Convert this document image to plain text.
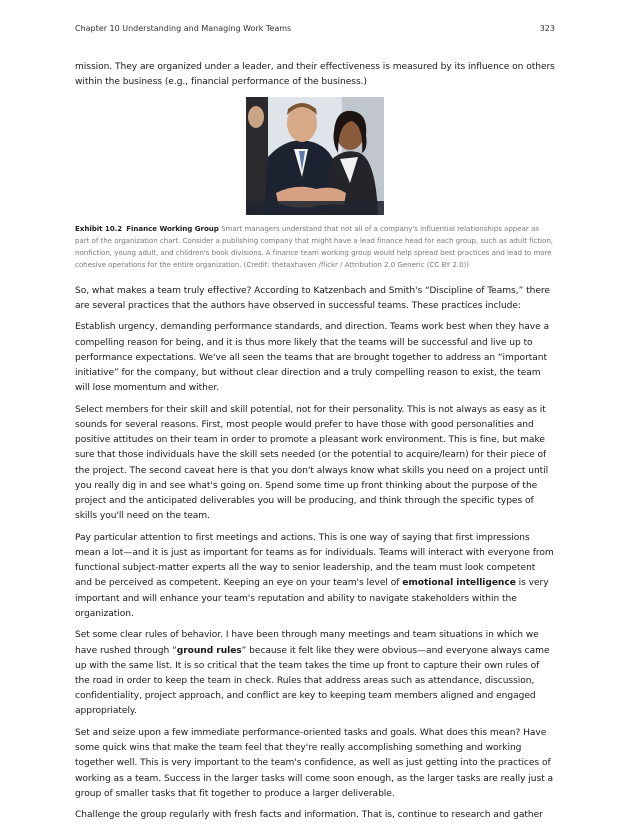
Chapter 10 Understanding and Managing Work Teams	323

mission. They are organized under a leader, and their effectiveness is measured by its influence on others within the business (e.g., financial performance of the business.)

Exhibit 10.2 Finance Working Group Smart managers understand that not all of a company's influential relationships appear as part of the organization chart. Consider a publishing company that might have a lead finance head for each group, such as adult fiction, nonfiction, young adult, and children's book divisions. A finance team working group would help spread best practices and lead to more cohesive operations for the entire organization. (Credit: thetaxhaven /flickr / Attribution 2.0 Generic (CC BY 2.0))

So, what makes a team truly effective? According to Katzenbach and Smith's “Discipline of Teams,” there are several practices that the authors have observed in successful teams. These practices include:

Establish urgency, demanding performance standards, and direction. Teams work best when they have a compelling reason for being, and it is thus more likely that the teams will be successful and live up to performance expectations. We've all seen the teams that are brought together to address an “important initiative” for the company, but without clear direction and a truly compelling reason to exist, the team will lose momentum and wither.

Select members for their skill and skill potential, not for their personality. This is not always as easy as it sounds for several reasons. First, most people would prefer to have those with good personalities and positive attitudes on their team in order to promote a pleasant work environment. This is fine, but make sure that those individuals have the skill sets needed (or the potential to acquire/learn) for their piece of the project. The second caveat here is that you don't always know what skills you need on a project until you really dig in and see what's going on. Spend some time up front thinking about the purpose of the project and the anticipated deliverables you will be producing, and think through the specific types of skills you'll need on the team.

Pay particular attention to first meetings and actions. This is one way of saying that first impressions mean a lot—and it is just as important for teams as for individuals. Teams will interact with everyone from functional subject-matter experts all the way to senior leadership, and the team must look competent and be perceived as competent. Keeping an eye on your team's level of emotional intelligence is very important and will enhance your team's reputation and ability to navigate stakeholders within the organization.

Set some clear rules of behavior. I have been through many meetings and team situations in which we have rushed through “ground rules” because it felt like they were obvious—and everyone always came up with the same list. It is so critical that the team takes the time up front to capture their own rules of the road in order to keep the team in check. Rules that address areas such as attendance, discussion, confidentiality, project approach, and conflict are key to keeping team members aligned and engaged appropriately.

Set and seize upon a few immediate performance-oriented tasks and goals. What does this mean? Have some quick wins that make the team feel that they're really accomplishing something and working together well. This is very important to the team's confidence, as well as just getting into the practices of working as a team. Success in the larger tasks will come soon enough, as the larger tasks are really just a group of smaller tasks that fit together to produce a larger deliverable.

Challenge the group regularly with fresh facts and information. That is, continue to research and gather
